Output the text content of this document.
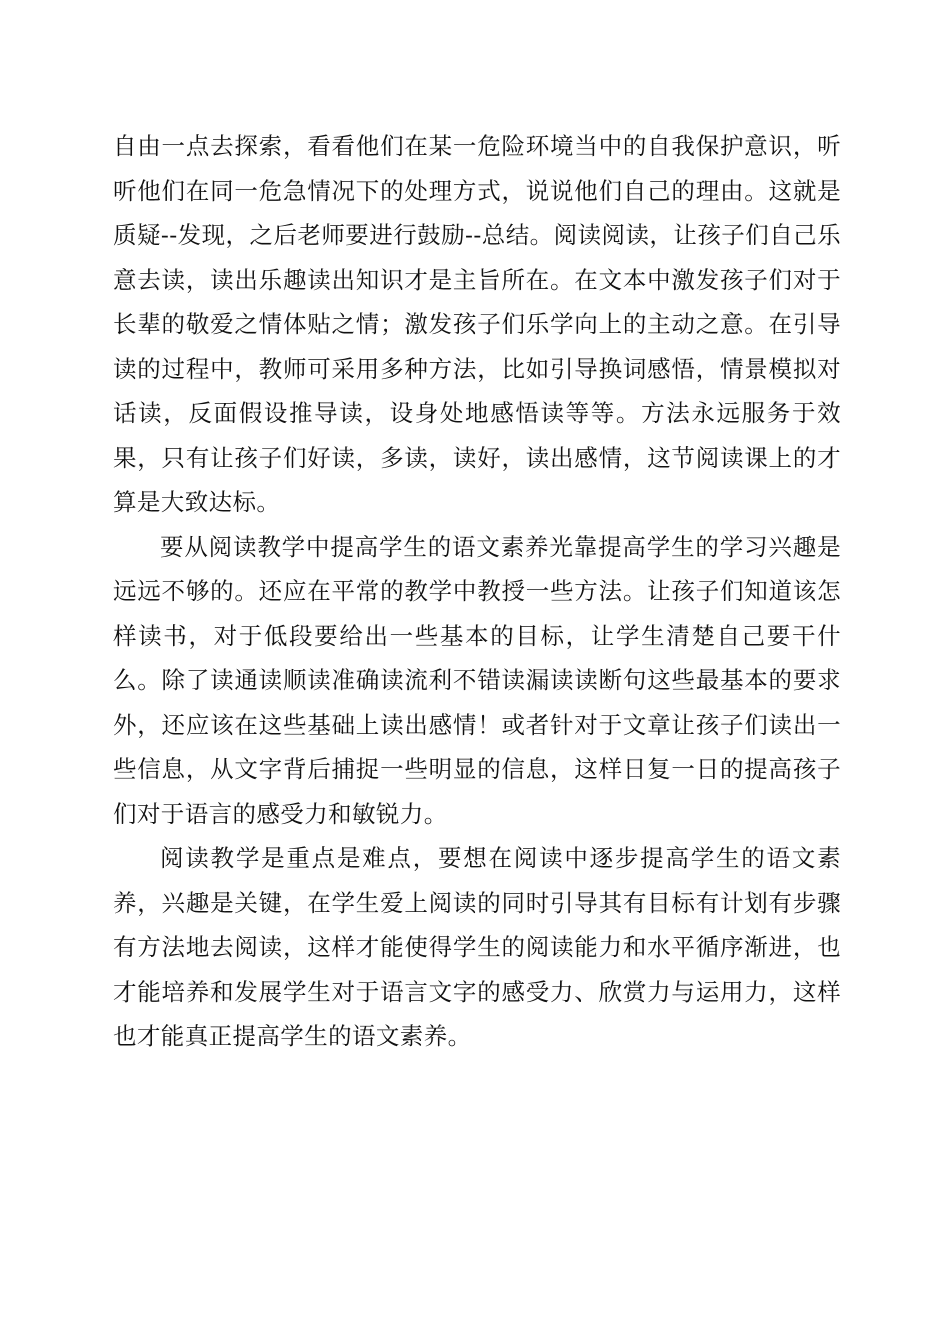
自由一点去探索，看看他们在某一危险环境当中的自我保护意识，听听他们在同一危急情况下的处理方式，说说他们自己的理由。这就是质疑--发现，之后老师要进行鼓励--总结。阅读阅读，让孩子们自己乐意去读，读出乐趣读出知识才是主旨所在。在文本中激发孩子们对于长辈的敬爱之情体贴之情；激发孩子们乐学向上的主动之意。在引导读的过程中，教师可采用多种方法，比如引导换词感悟，情景模拟对话读，反面假设推导读，设身处地感悟读等等。方法永远服务于效果，只有让孩子们好读，多读，读好，读出感情，这节阅读课上的才算是大致达标。

要从阅读教学中提高学生的语文素养光靠提高学生的学习兴趣是远远不够的。还应在平常的教学中教授一些方法。让孩子们知道该怎样读书，对于低段要给出一些基本的目标，让学生清楚自己要干什么。除了读通读顺读准确读流利不错读漏读读断句这些最基本的要求外，还应该在这些基础上读出感情！或者针对于文章让孩子们读出一些信息，从文字背后捕捉一些明显的信息，这样日复一日的提高孩子们对于语言的感受力和敏锐力。

阅读教学是重点是难点，要想在阅读中逐步提高学生的语文素养，兴趣是关键，在学生爱上阅读的同时引导其有目标有计划有步骤有方法地去阅读，这样才能使得学生的阅读能力和水平循序渐进，也才能培养和发展学生对于语言文字的感受力、欣赏力与运用力，这样也才能真正提高学生的语文素养。
